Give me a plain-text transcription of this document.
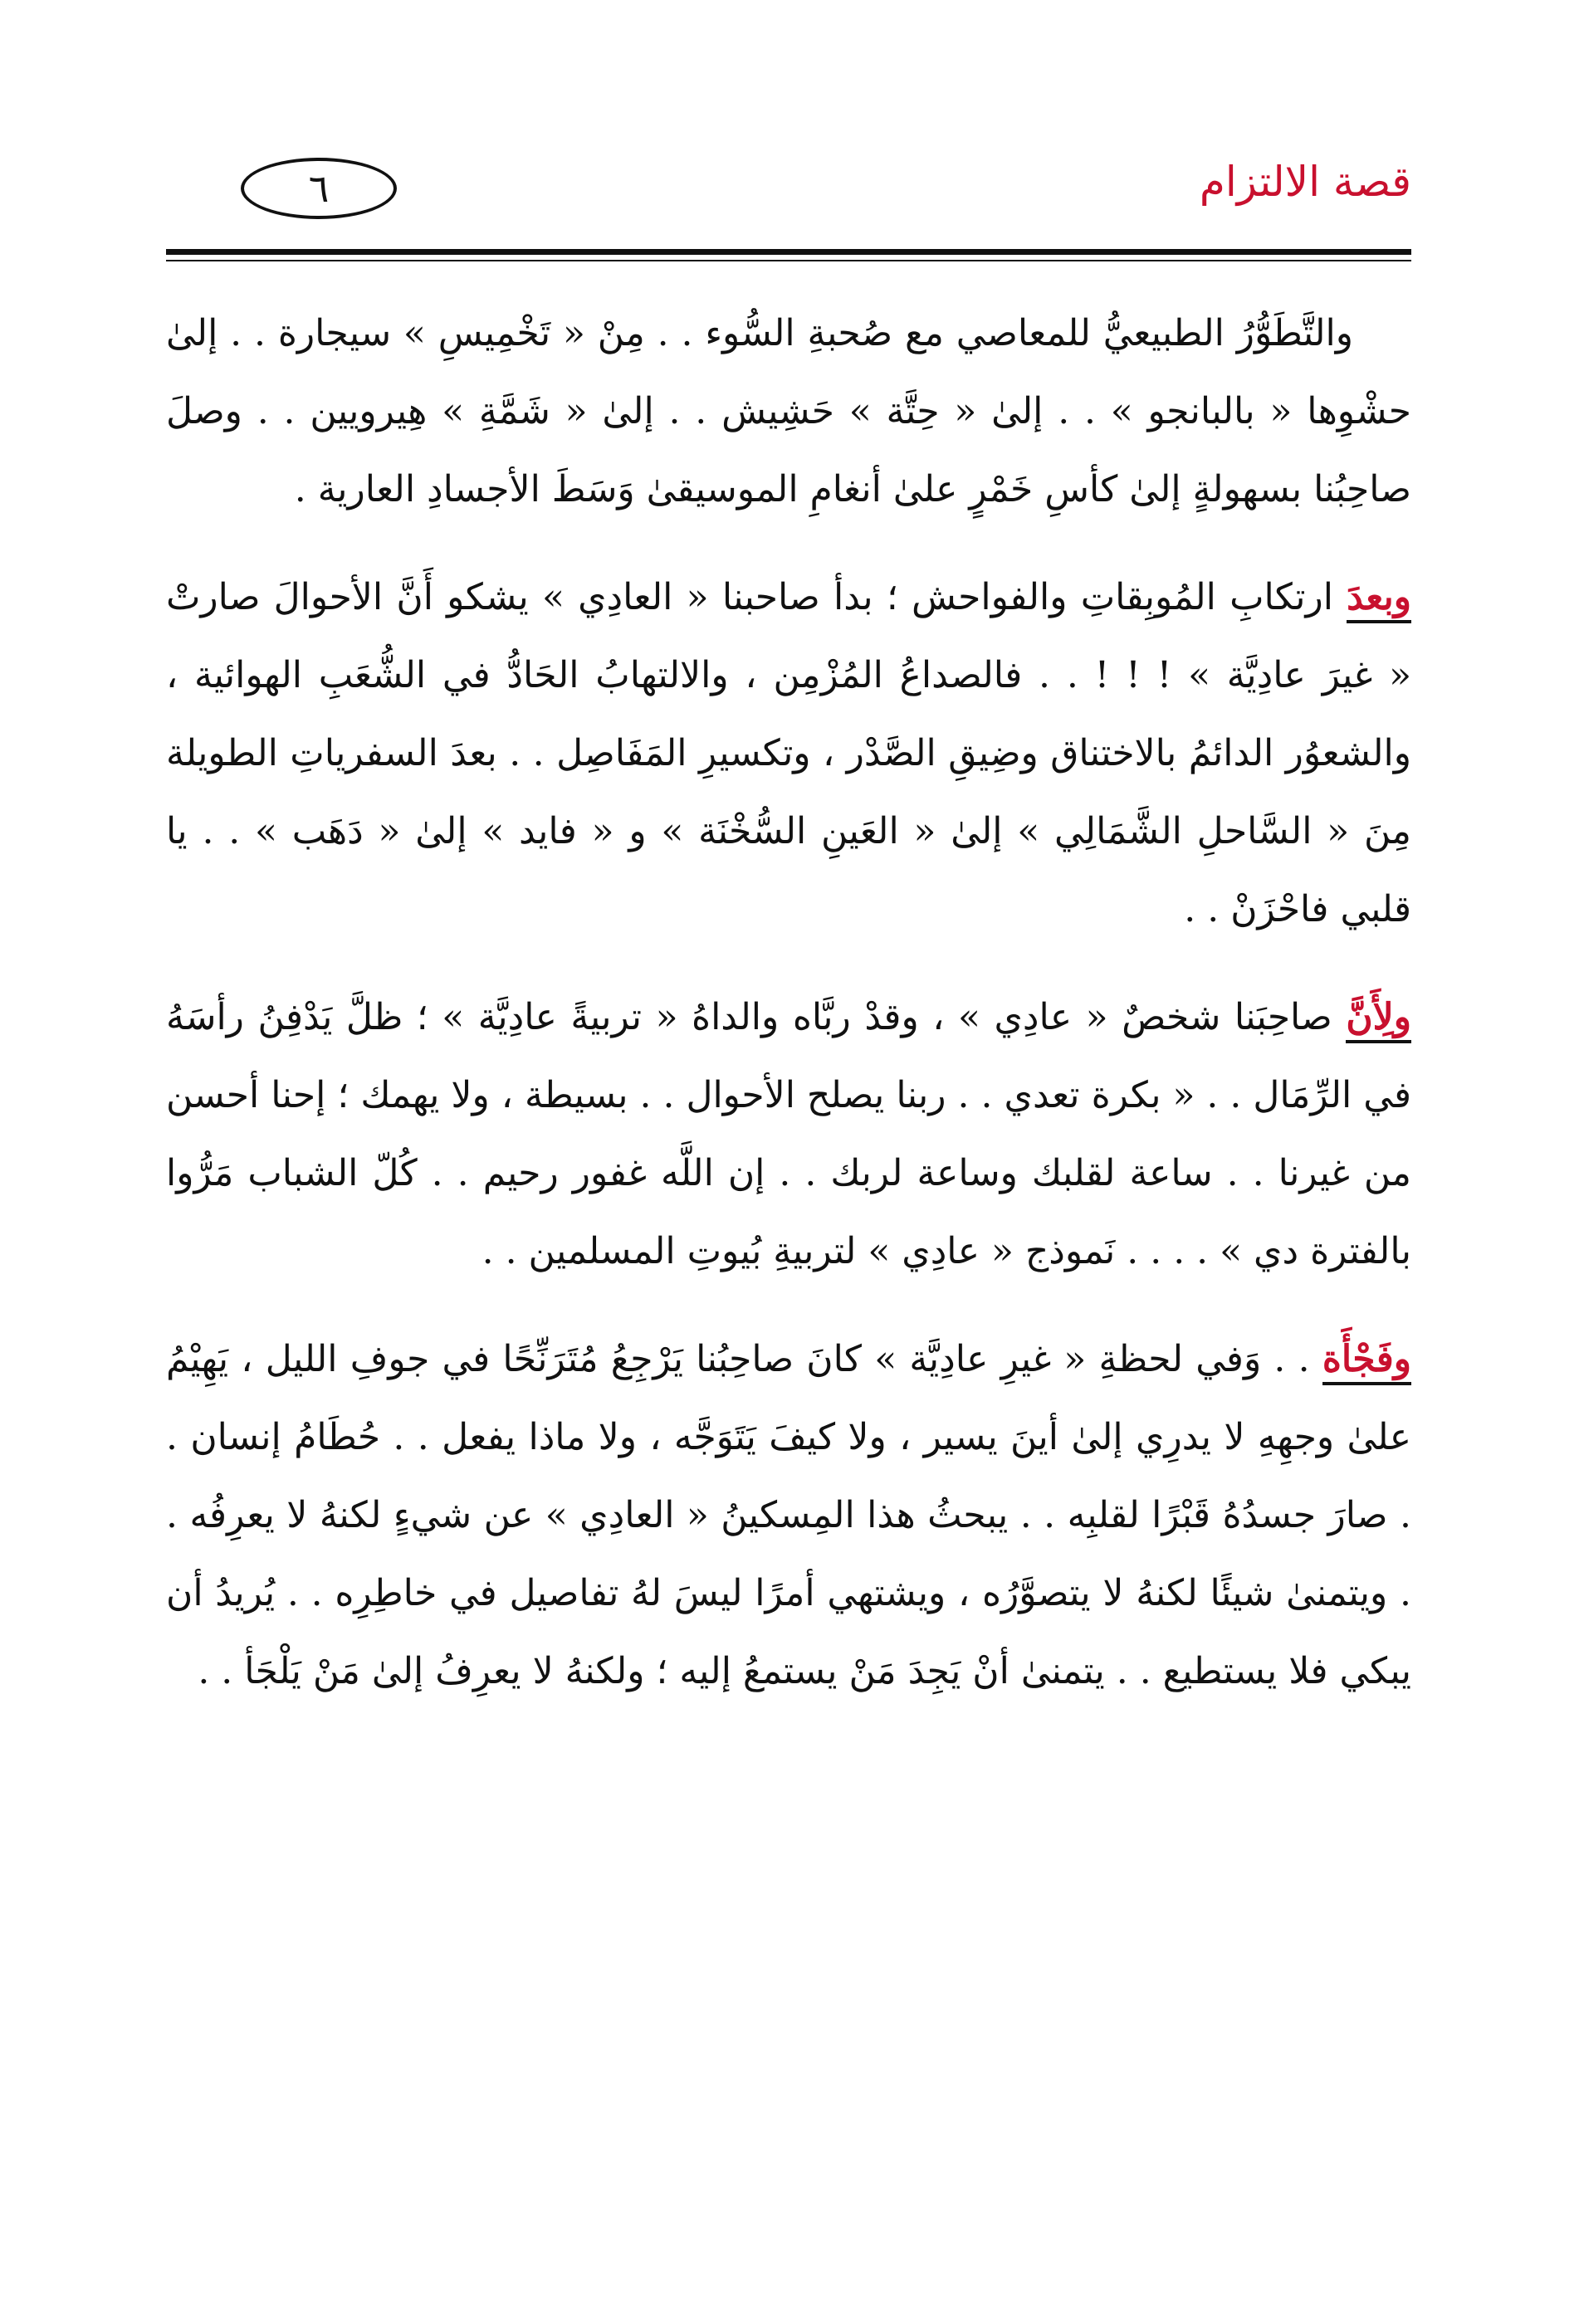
٦	قصة الالتزام

والتَّطَوُّرُ الطبيعيُّ للمعاصي مع صُحبةِ السُّوء . . مِنْ « تَخْمِيسِ » سيجارة . . إلىٰ حشْوِها « بالبانجو » . . إلىٰ « حِتَّة » حَشِيش . . إلىٰ « شَمَّةِ » هِيرويين . . وصلَ صاحِبُنا بسهولةٍ إلىٰ كأسِ خَمْرٍ علىٰ أنغامِ الموسيقىٰ وَسَطَ الأجسادِ العارية .

وبعدَ ارتكابِ المُوبِقاتِ والفواحش ؛ بدأ صاحبنا « العادِي » يشكو أَنَّ الأحوالَ صارتْ « غيرَ عادِيَّة » ! ! ! . . فالصداعُ المُزْمِن ، والالتهابُ الحَادُّ في الشُّعَبِ الهوائية ، والشعوُر الدائمُ بالاختناق وضِيقِ الصَّدْر ، وتكسيرِ المَفَاصِل . . بعدَ السفرياتِ الطويلة مِنَ « السَّاحلِ الشَّمَالِي » إلىٰ « العَينِ السُّخْنَة » و « فايد » إلىٰ « دَهَب » . . يا قلبي فاحْزَنْ . .

ولِأَنَّ صاحِبَنا شخصٌ « عادِي » ، وقدْ ربَّاه والداهُ « تربيةً عادِيَّة » ؛ ظلَّ يَدْفِنُ رأسَهُ في الرِّمَال . . « بكرة تعدي . . ربنا يصلح الأحوال . . بسيطة ، ولا يهمك ؛ إحنا أحسن من غيرنا . . ساعة لقلبك وساعة لربك . . إن اللَّه غفور رحيم . . كُلّ الشباب مَرُّوا بالفترة دي » . . . . نَموذج « عادِي » لتربيةِ بُيوتِ المسلمين . .

وفَجْأَة . . وَفي لحظةِ « غيرِ عادِيَّة » كانَ صاحِبُنا يَرْجِعُ مُتَرَنِّحًا في جوفِ الليل ، يَهِيْمُ علىٰ وجهِهِ لا يدرِي إلىٰ أينَ يسير ، ولا كيفَ يَتَوَجَّه ، ولا ماذا يفعل . . حُطَامُ إنسان . . صارَ جسدُهُ قَبْرًا لقلبِه . . يبحثُ هذا المِسكينُ « العادِي » عن شيءٍ لكنهُ لا يعرِفُه . . ويتمنىٰ شيئًا لكنهُ لا يتصوَّرُه ، ويشتهي أمرًا ليسَ لهُ تفاصيل في خاطِرِه . . يُريدُ أن يبكي فلا يستطيع . . يتمنىٰ أنْ يَجِدَ مَنْ يستمعُ إليه ؛ ولكنهُ لا يعرِفُ إلىٰ مَنْ يَلْجَأ . .
